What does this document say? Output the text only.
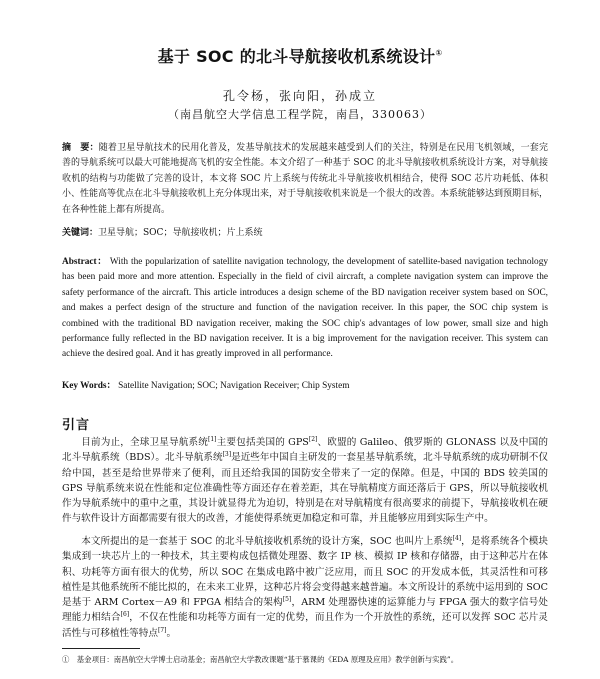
基于 SOC 的北斗导航接收机系统设计①
孔令杨，张向阳，孙成立
（南昌航空大学信息工程学院，南昌，330063）
摘　要：随着卫星导航技术的民用化普及，发基导航技术的发展越来越受到人们的关注，特别是在民用飞机领域，一套完善的导航系统可以最大可能地提高飞机的安全性能。本文介绍了一种基于 SOC 的北斗导航接收机系统设计方案，对导航接收机的结构与功能做了完善的设计，本文将 SOC 片上系统与传统北斗导航接收机相结合，使得 SOC 芯片功耗低、体积小、性能高等优点在北斗导航接收机上充分体现出来，对于导航接收机来说是一个很大的改善。本系统能够达到预期目标，在各种性能上都有所提高。
关键词：卫星导航；SOC；导航接收机；片上系统
Abstract： With the popularization of satellite navigation technology, the development of satellite-based navigation technology has been paid more and more attention. Especially in the field of civil aircraft, a complete navigation system can improve the safety performance of the aircraft. This article introduces a design scheme of the BD navigation receiver system based on SOC, and makes a perfect design of the structure and function of the navigation receiver. In this paper, the SOC chip system is combined with the traditional BD navigation receiver, making the SOC chip's advantages of low power, small size and high performance fully reflected in the BD navigation receiver. It is a big improvement for the navigation receiver. This system can achieve the desired goal. And it has greatly improved in all performance.
Key Words： Satellite Navigation; SOC; Navigation Receiver; Chip System
引言
目前为止，全球卫星导航系统[1]主要包括美国的 GPS[2]、欧盟的 Galileo、俄罗斯的 GLONASS 以及中国的北斗导航系统（BDS）。北斗导航系统[3]是近些年中国自主研发的一套星基导航系统，北斗导航系统的成功研制不仅给中国，甚至是给世界带来了便利，而且还给我国的国防安全带来了一定的保障。但是，中国的 BDS 较美国的 GPS 导航系统来说在性能和定位准确性等方面还存在着差距，其在导航精度方面还落后于 GPS，所以导航接收机作为导航系统中的重中之重，其设计就显得尤为迫切，特别是在对导航精度有很高要求的前提下，导航接收机在硬件与软件设计方面都需要有很大的改善，才能使得系统更加稳定和可靠，并且能够应用到实际生产中。
本文所提出的是一套基于 SOC 的北斗导航接收机系统的设计方案，SOC 也叫片上系统[4]，是将系统各个模块集成到一块芯片上的一种技术，其主要构成包括微处理器、数字 IP 核、模拟 IP 核和存储器，由于这种芯片在体积、功耗等方面有很大的优势，所以 SOC 在集成电路中被广泛应用，而且 SOC 的开发成本低，其灵活性和可移植性是其他系统所不能比拟的，在未来工业界，这种芯片将会变得越来越普遍。本文所设计的系统中运用到的 SOC 是基于 ARM Cortex－A9 和 FPGA 相结合的架构[5]，ARM 处理器快速的运算能力与 FPGA 强大的数字信号处理能力相结合[6]，不仅在性能和功耗等方面有一定的优势，而且作为一个开放性的系统，还可以发挥 SOC 芯片灵活性与可移植性等特点[7]。
①　基金项目：南昌航空大学博士启动基金；南昌航空大学教改课题“基于慕课的《EDA 原理及应用》教学创新与实践”。
